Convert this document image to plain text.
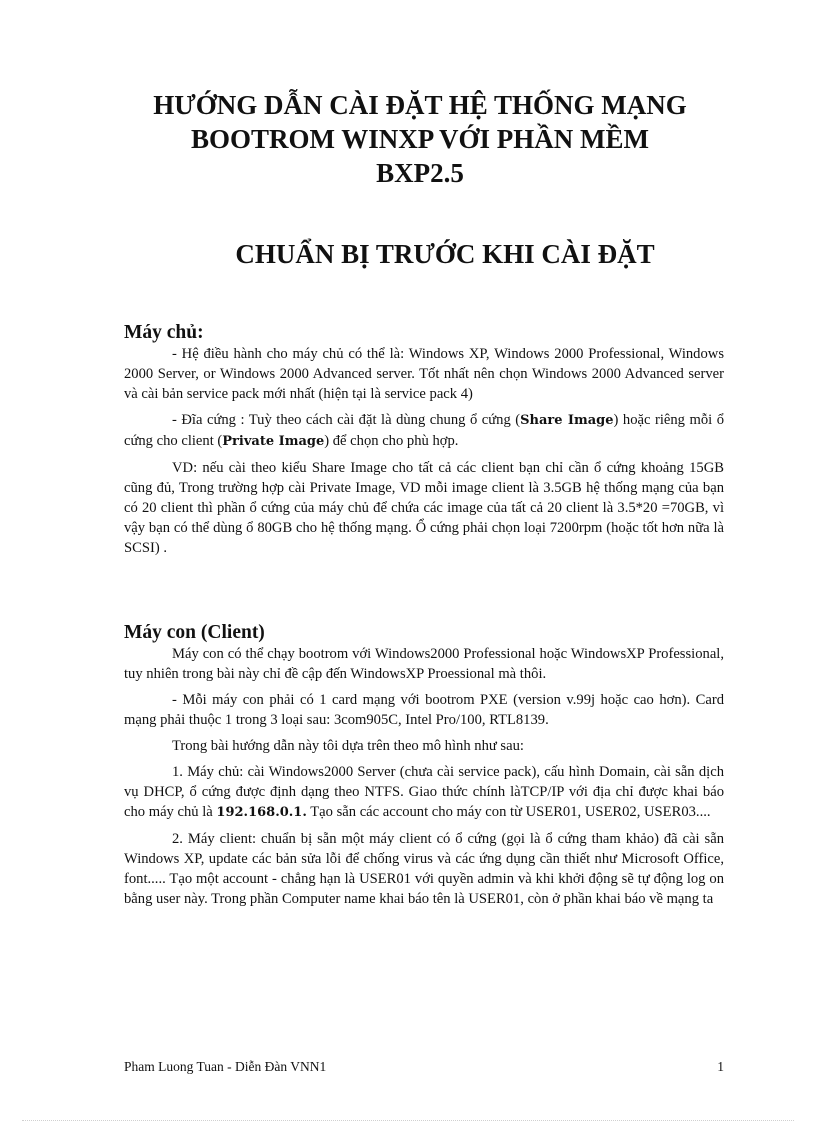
HƯỚNG DẪN CÀI ĐẶT HỆ THỐNG MẠNG
BOOTROM WINXP VỚI PHẦN MỀM
BXP2.5
CHUẨN BỊ TRƯỚC KHI CÀI ĐẶT
Máy chủ:

- Hệ điều hành cho máy chủ có thể là: Windows XP, Windows 2000 Professional, Windows 2000 Server, or Windows 2000 Advanced server. Tốt nhất nên chọn Windows 2000 Advanced server và cài bản service pack mới nhất (hiện tại là service pack 4)

- Đĩa cứng : Tuỳ theo cách cài đặt là dùng chung ổ cứng (Share Image) hoặc riêng mỗi ổ cứng cho client (Private Image) để chọn cho phù hợp.

VD: nếu cài theo kiểu Share Image cho tất cả các client bạn chỉ cần ổ cứng khoảng 15GB cũng đủ, Trong trường hợp cài Private Image, VD mỗi image client là 3.5GB hệ thống mạng của bạn có 20 client thì phần ổ cứng của máy chủ để chứa các image của tất cả 20 client là 3.5*20 =70GB, vì vậy bạn có thể dùng ổ 80GB cho hệ thống mạng. Ổ cứng phải chọn loại 7200rpm (hoặc tốt hơn nữa là SCSI) .

Máy con (Client)

Máy con có thể chạy bootrom với Windows2000 Professional hoặc WindowsXP Professional, tuy nhiên trong bài này chỉ đề cập đến WindowsXP Proessional mà thôi.

- Mỗi máy con phải có 1 card mạng với bootrom PXE (version v.99j hoặc cao hơn). Card mạng phải thuộc 1 trong 3 loại sau: 3com905C, Intel Pro/100, RTL8139.

Trong bài hướng dẫn này tôi dựa trên theo mô hình như sau:

1. Máy chủ: cài Windows2000 Server (chưa cài service pack), cấu hình Domain, cài sẵn dịch vụ DHCP, ổ cứng được định dạng theo NTFS. Giao thức chính làTCP/IP với địa chỉ được khai báo cho máy chủ là 192.168.0.1. Tạo sẵn các account cho máy con từ USER01, USER02, USER03....

2. Máy client: chuẩn bị sẵn một máy client có ổ cứng (gọi là ổ cứng tham khảo) đã cài sẵn Windows XP, update các bản sửa lỗi để chống virus và các ứng dụng cần thiết như Microsoft Office, font..... Tạo một account - chẳng hạn là USER01 với quyền admin và khi khởi động sẽ tự động log on bằng user này. Trong phần Computer name khai báo tên là USER01, còn ở phần khai báo về mạng ta

Pham Luong Tuan - Diễn Đàn VNN1	1
